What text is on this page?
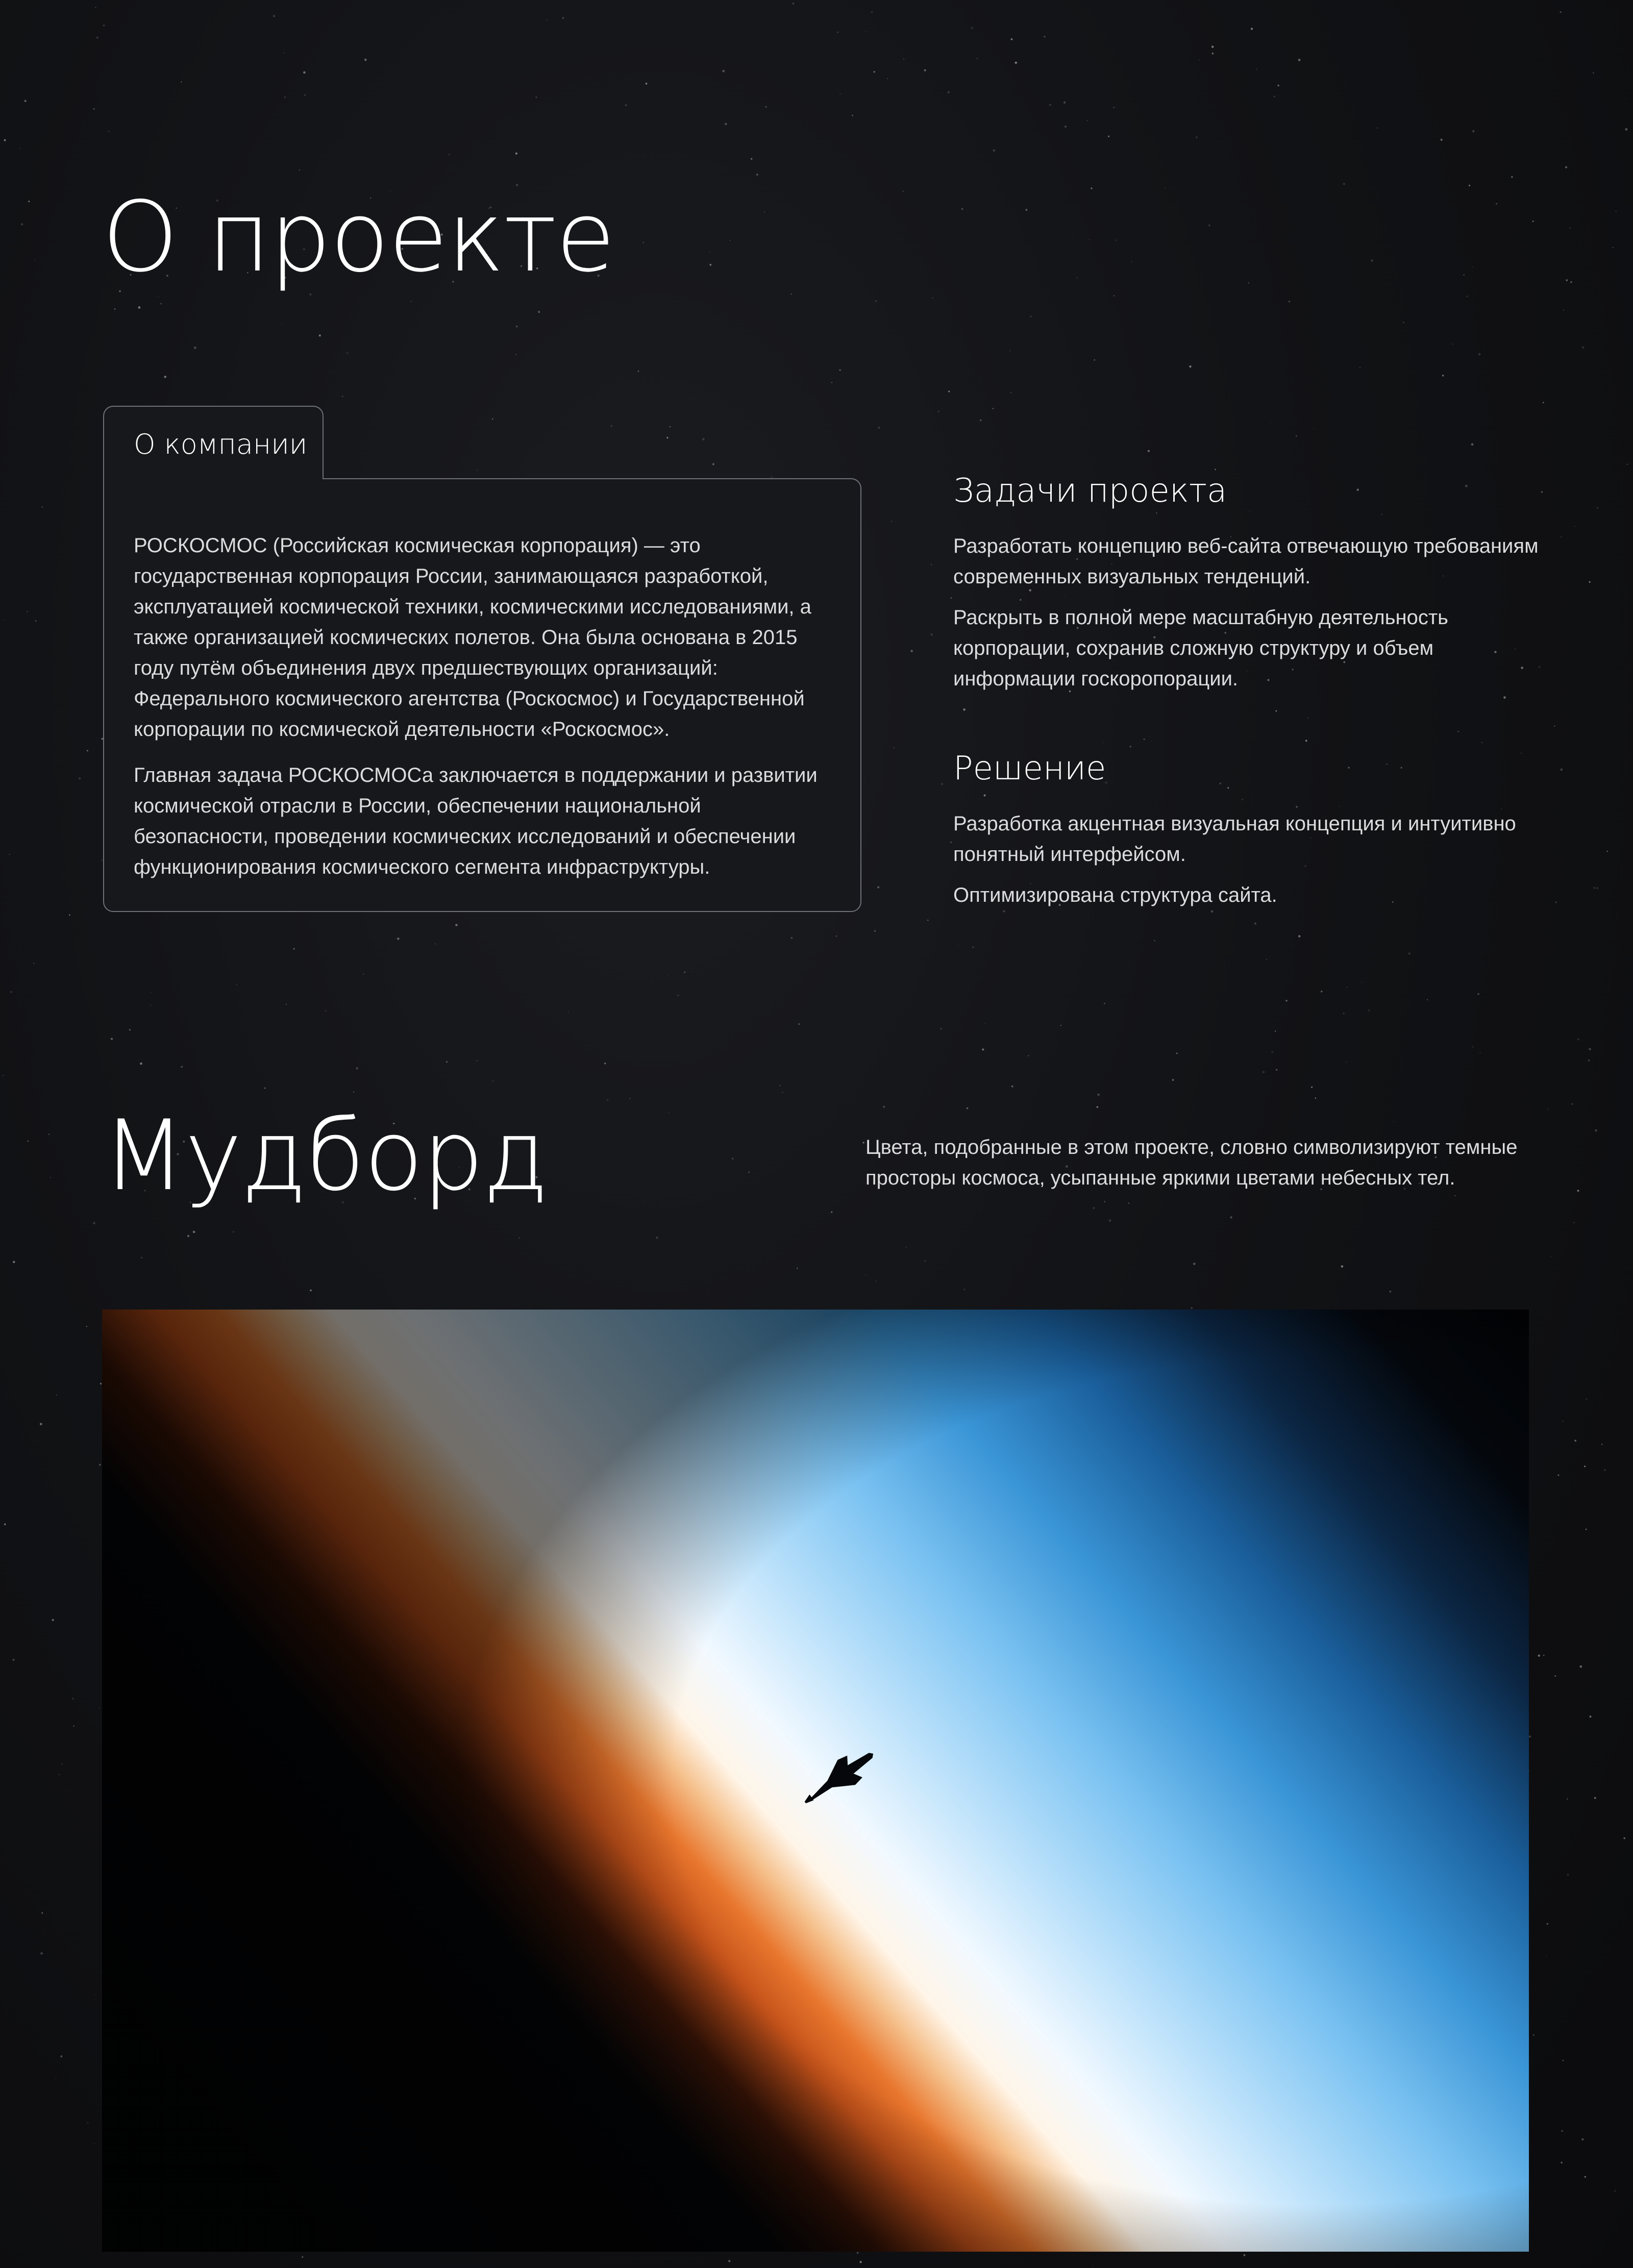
О проекте
О компании

РОСКОСМОС (Российская космическая корпорация) — это государственная корпорация России, занимающаяся разработкой, эксплуатацией космической техники, космическими исследованиями, а также организацией космических полетов. Она была основана в 2015 году путём объединения двух предшествующих организаций: Федерального космического агентства (Роскосмос) и Государственной корпорации по космической деятельности «Роскосмос».

Главная задача РОСКОСМОСа заключается в поддержании и развитии космической отрасли в России, обеспечении национальной безопасности, проведении космических исследований и обеспечении функционирования космического сегмента инфраструктуры.

Задачи проекта

Разработать концепцию веб-сайта отвечающую требованиям современных визуальных тенденций.

Раскрыть в полной мере масштабную деятельность корпорации, сохранив сложную структуру и объем информации госкоропорации.

Решение

Разработка акцентная визуальная концепция и интуитивно понятный интерфейсом.

Оптимизирована структура сайта.

Мудборд	Цвета, подобранные в этом проекте, словно символизируют темные просторы космоса, усыпанные яркими цветами небесных тел.
